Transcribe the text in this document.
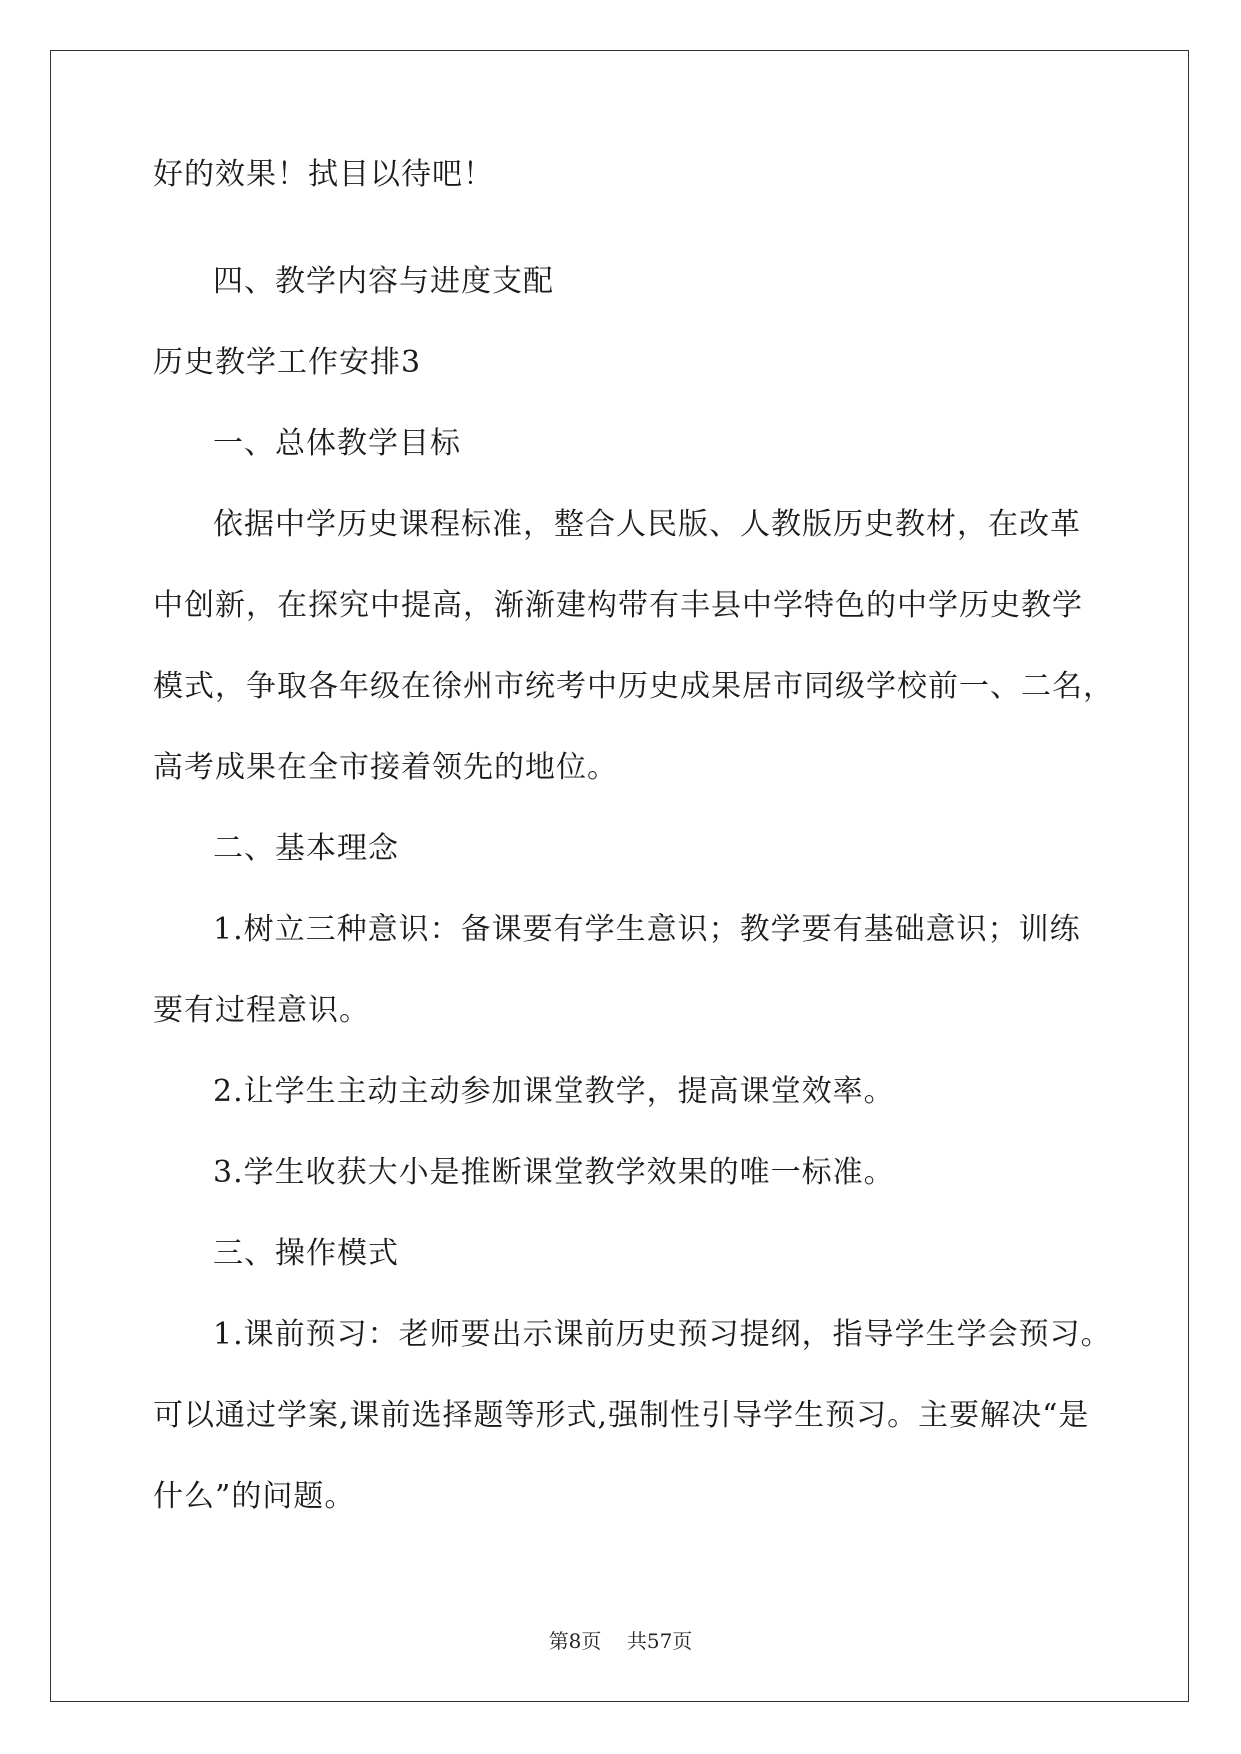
好的效果！拭目以待吧！

四、教学内容与进度支配

历史教学工作安排3

一、总体教学目标

依据中学历史课程标准，整合人民版、人教版历史教材，在改革

中创新，在探究中提高，渐渐建构带有丰县中学特色的中学历史教学

模式，争取各年级在徐州市统考中历史成果居市同级学校前一、二名，

高考成果在全市接着领先的地位。

二、基本理念

1.树立三种意识：备课要有学生意识；教学要有基础意识；训练

要有过程意识。

2.让学生主动主动参加课堂教学，提高课堂效率。

3.学生收获大小是推断课堂教学效果的唯一标准。

三、操作模式

1.课前预习：老师要出示课前历史预习提纲，指导学生学会预习。

可以通过学案,课前选择题等形式,强制性引导学生预习。主要解决“是

什么”的问题。

第8页 共57页
